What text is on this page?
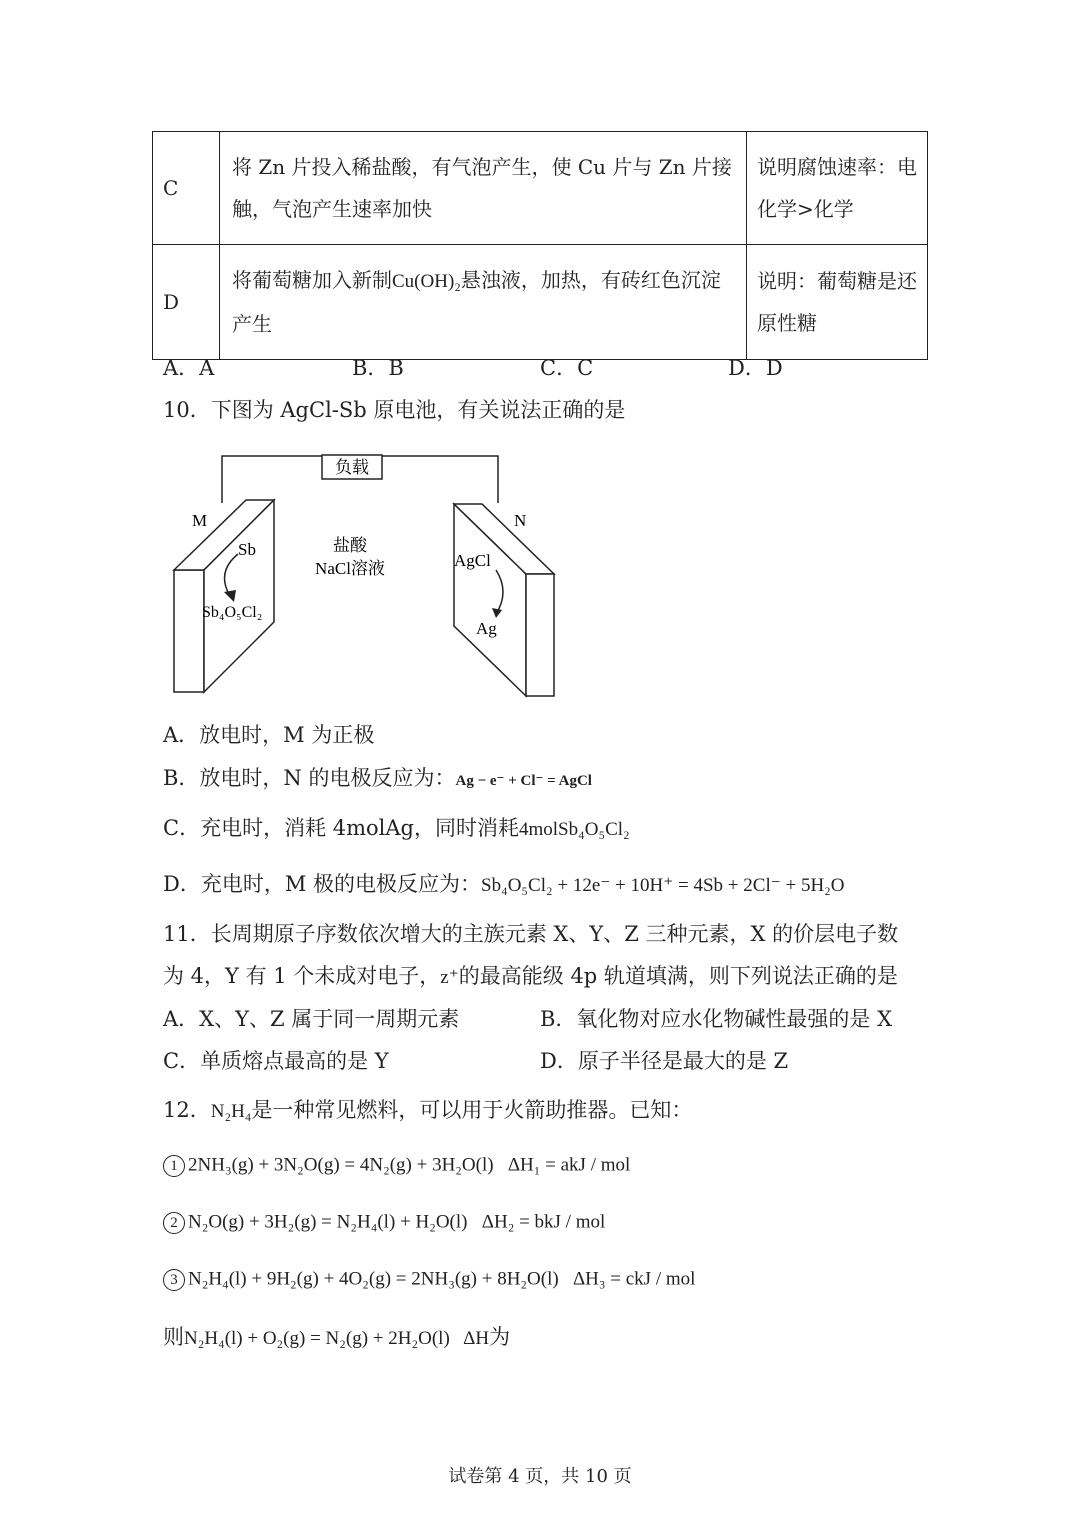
C	将 Zn 片投入稀盐酸，有气泡产生，使 Cu 片与 Zn 片接触，气泡产生速率加快	说明腐蚀速率：电化学>化学
D	将葡萄糖加入新制Cu(OH)₂悬浊液，加热，有砖红色沉淀产生	说明：葡萄糖是还原性糖
A．A	B．B	C．C	D．D
10．下图为 AgCl-Sb 原电池，有关说法正确的是
负载
M
Sb
Sb₄O₅Cl₂
盐酸
NaCl溶液
N
AgCl
Ag
A．放电时，M 为正极
B．放电时，N 的电极反应为：Ag − e⁻ + Cl⁻ = AgCl
C．充电时，消耗 4molAg，同时消耗4molSb₄O₅Cl₂
D．充电时，M 极的电极反应为：Sb₄O₅Cl₂ + 12e⁻ + 10H⁺ = 4Sb + 2Cl⁻ + 5H₂O
11．长周期原子序数依次增大的主族元素 X、Y、Z 三种元素，X 的价层电子数
为 4，Y 有 1 个未成对电子，z⁺的最高能级 4p 轨道填满，则下列说法正确的是
A．X、Y、Z 属于同一周期元素	B．氧化物对应水化物碱性最强的是 X
C．单质熔点最高的是 Y	D．原子半径是最大的是 Z
12．N₂H₄是一种常见燃料，可以用于火箭助推器。已知：
1 2NH₃(g) + 3N₂O(g) = 4N₂(g) + 3H₂O(l) ΔH₁ = akJ / mol
2 N₂O(g) + 3H₂(g) = N₂H₄(l) + H₂O(l) ΔH₂ = bkJ / mol
3 N₂H₄(l) + 9H₂(g) + 4O₂(g) = 2NH₃(g) + 8H₂O(l) ΔH₃ = ckJ / mol
则N₂H₄(l) + O₂(g) = N₂(g) + 2H₂O(l) ΔH为
试卷第 4 页，共 10 页
